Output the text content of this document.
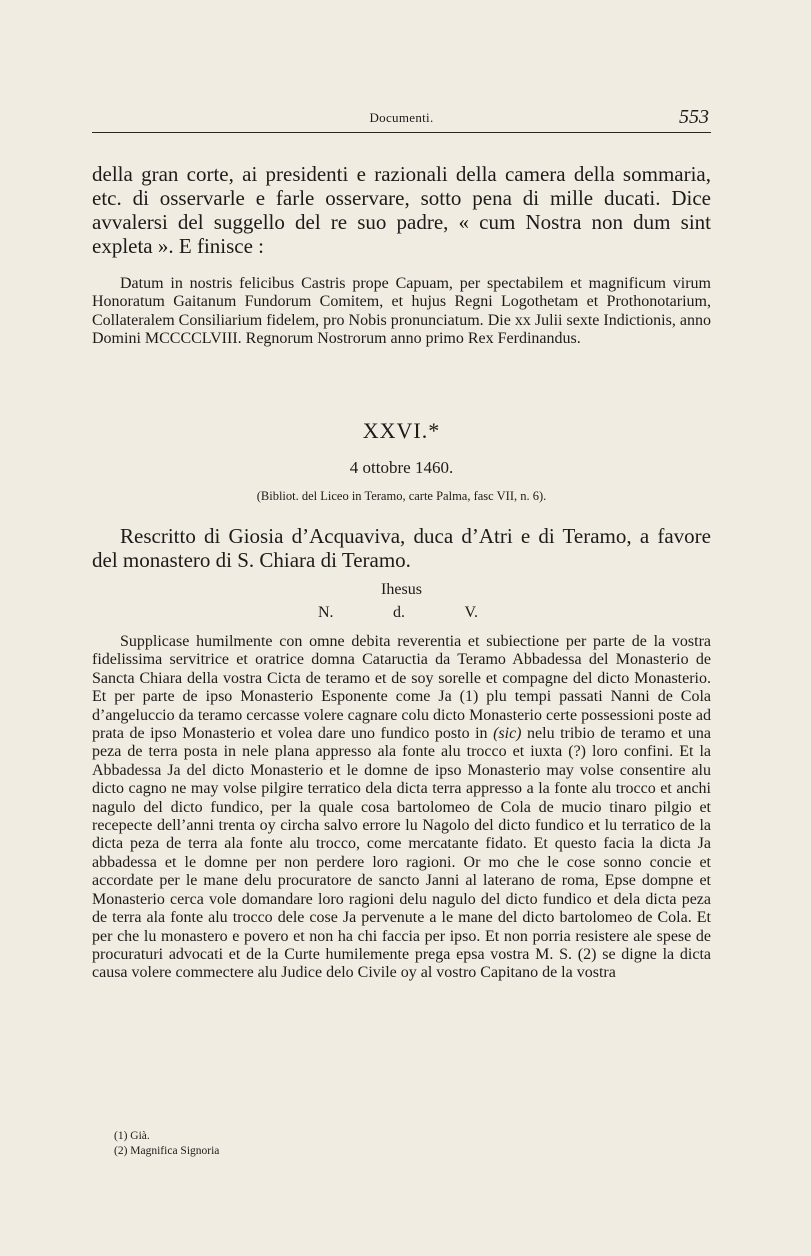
Documenti.	553

della gran corte, ai presidenti e razionali della camera della sommaria, etc. di osservarle e farle osservare, sotto pena di mille ducati. Dice avvalersi del suggello del re suo padre, « cum Nostra non dum sint expleta ». E finisce :

Datum in nostris felicibus Castris prope Capuam, per spectabilem et magnificum virum Honoratum Gaitanum Fundorum Comitem, et hujus Regni Logothetam et Prothonotarium, Collateralem Consiliarium fidelem, pro Nobis pronunciatum. Die xx Julii sexte Indictionis, anno Domini MCCCCLVIII. Regnorum Nostrorum anno primo Rex Ferdinandus.

XXVI.*

4 ottobre 1460.

(Bibliot. del Liceo in Teramo, carte Palma, fasc VII, n. 6).

Rescritto di Giosia d’Acquaviva, duca d’Atri e di Teramo, a favore del monastero di S. Chiara di Teramo.

Ihesus

N.	d.	V.

Supplicase humilmente con omne debita reverentia et subiectione per parte de la vostra fidelissima servitrice et oratrice domna Cataructia da Teramo Abbadessa del Monasterio de Sancta Chiara della vostra Cicta de teramo et de soy sorelle et compagne del dicto Monasterio. Et per parte de ipso Monasterio Esponente come Ja (1) plu tempi passati Nanni de Cola d’angeluccio da teramo cercasse volere cagnare colu dicto Monasterio certe possessioni poste ad prata de ipso Monasterio et volea dare uno fundico posto in (sic) nelu tribio de teramo et una peza de terra posta in nele plana appresso ala fonte alu trocco et iuxta (?) loro confini. Et la Abbadessa Ja del dicto Monasterio et le domne de ipso Monasterio may volse consentire alu dicto cagno ne may volse pilgire terratico dela dicta terra appresso a la fonte alu trocco et anchi nagulo del dicto fundico, per la quale cosa bartolomeo de Cola de mucio tinaro pilgio et recepecte dell’anni trenta oy circha salvo errore lu Nagolo del dicto fundico et lu terratico de la dicta peza de terra ala fonte alu trocco, come mercatante fidato. Et questo facia la dicta Ja abbadessa et le domne per non perdere loro ragioni. Or mo che le cose sonno concie et accordate per le mane delu procuratore de sancto Janni al laterano de roma, Epse dompne et Monasterio cerca vole domandare loro ragioni delu nagulo del dicto fundico et dela dicta peza de terra ala fonte alu trocco dele cose Ja pervenute a le mane del dicto bartolomeo de Cola. Et per che lu monastero e povero et non ha chi faccia per ipso. Et non porria resistere ale spese de procuraturi advocati et de la Curte humilemente prega epsa vostra M. S. (2) se digne la dicta causa volere commectere alu Judice delo Civile oy al vostro Capitano de la vostra

(1) Già.
(2) Magnifica Signoria
